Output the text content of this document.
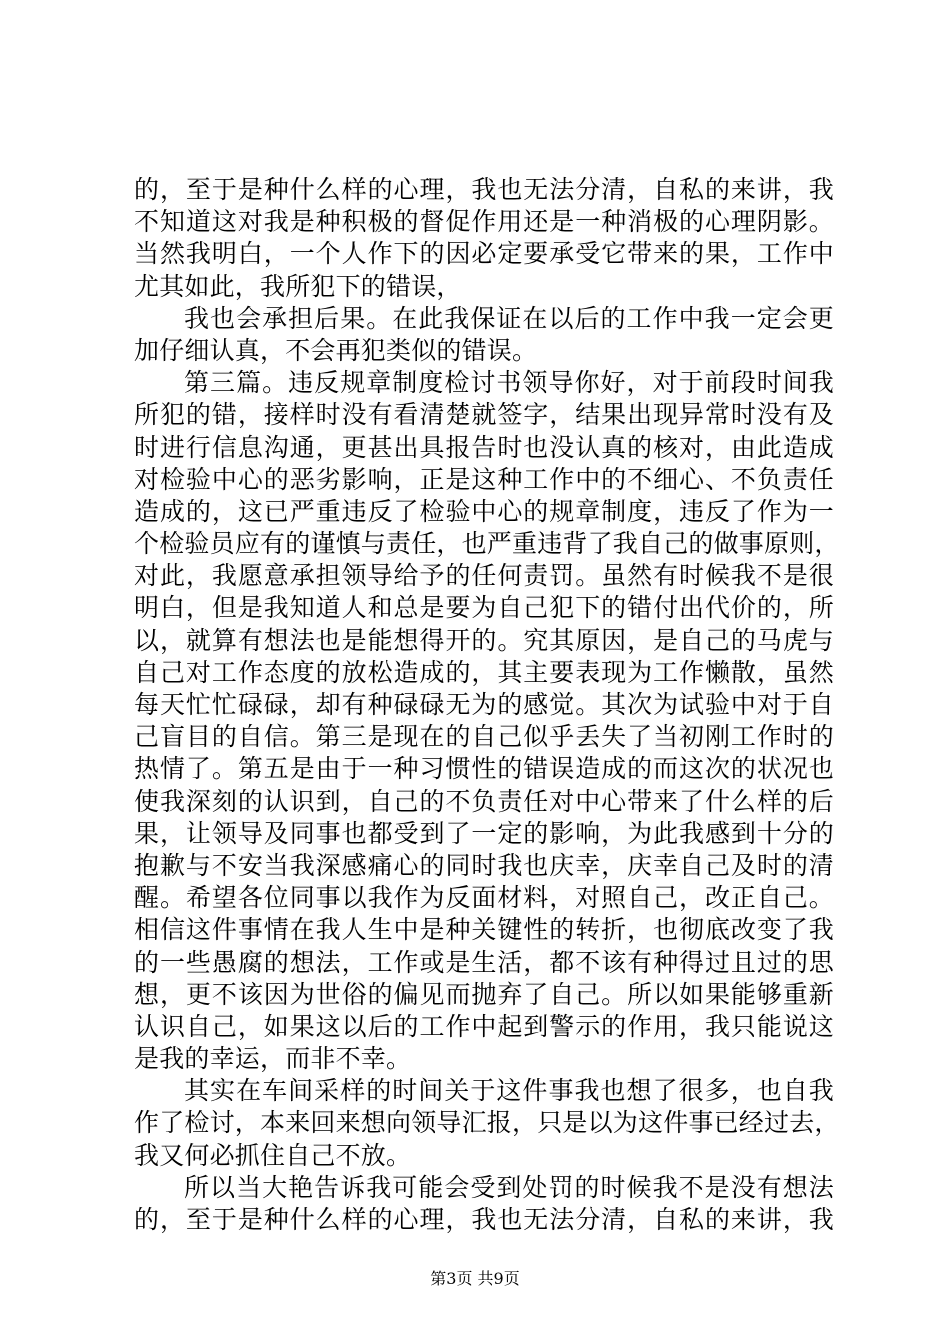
的，至于是种什么样的心理，我也无法分清，自私的来讲，我
不知道这对我是种积极的督促作用还是一种消极的心理阴影。
当然我明白，一个人作下的因必定要承受它带来的果，工作中
尤其如此，我所犯下的错误，
我也会承担后果。在此我保证在以后的工作中我一定会更
加仔细认真，不会再犯类似的错误。
第三篇。违反规章制度检讨书领导你好，对于前段时间我
所犯的错，接样时没有看清楚就签字，结果出现异常时没有及
时进行信息沟通，更甚出具报告时也没认真的核对，由此造成
对检验中心的恶劣影响，正是这种工作中的不细心、不负责任
造成的，这已严重违反了检验中心的规章制度，违反了作为一
个检验员应有的谨慎与责任，也严重违背了我自己的做事原则，
对此，我愿意承担领导给予的任何责罚。虽然有时候我不是很
明白，但是我知道人和总是要为自己犯下的错付出代价的，所
以，就算有想法也是能想得开的。究其原因，是自己的马虎与
自己对工作态度的放松造成的，其主要表现为工作懒散，虽然
每天忙忙碌碌，却有种碌碌无为的感觉。其次为试验中对于自
己盲目的自信。第三是现在的自己似乎丢失了当初刚工作时的
热情了。第五是由于一种习惯性的错误造成的而这次的状况也
使我深刻的认识到，自己的不负责任对中心带来了什么样的后
果，让领导及同事也都受到了一定的影响，为此我感到十分的
抱歉与不安当我深感痛心的同时我也庆幸，庆幸自己及时的清
醒。希望各位同事以我作为反面材料，对照自己，改正自己。
相信这件事情在我人生中是种关键性的转折，也彻底改变了我
的一些愚腐的想法，工作或是生活，都不该有种得过且过的思
想，更不该因为世俗的偏见而抛弃了自己。所以如果能够重新
认识自己，如果这以后的工作中起到警示的作用，我只能说这
是我的幸运，而非不幸。
其实在车间采样的时间关于这件事我也想了很多，也自我
作了检讨，本来回来想向领导汇报，只是以为这件事已经过去，
我又何必抓住自己不放。
所以当大艳告诉我可能会受到处罚的时候我不是没有想法
的，至于是种什么样的心理，我也无法分清，自私的来讲，我
第3页 共9页
